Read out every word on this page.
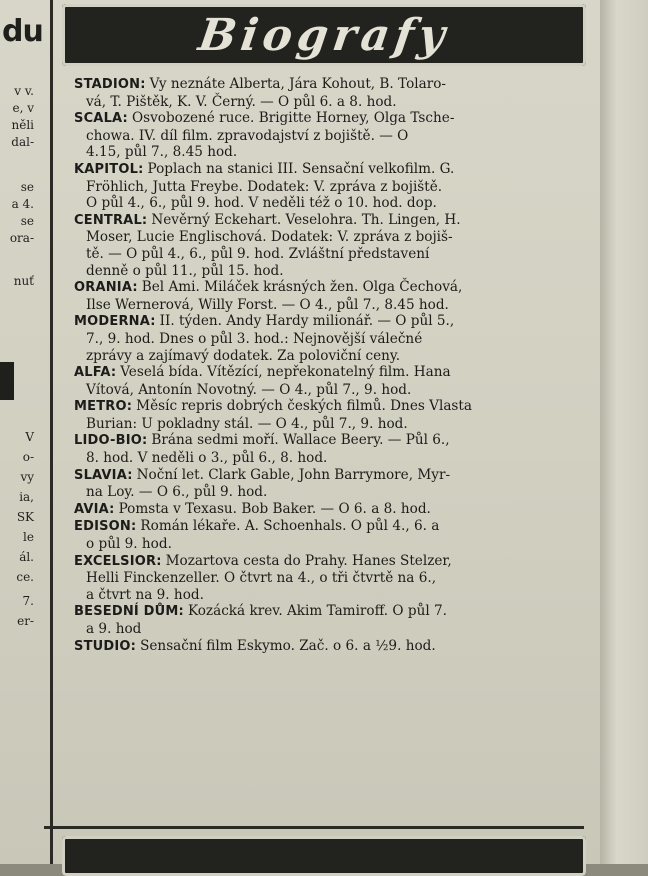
du
v v.
e, v
něli
dal-
se
a 4.
se
ora-
nuť
V
o-
vy
ia,
SK
le
ál.
ce.
7.
er-
Biografy
STADION: Vy neznáte Alberta, Jára Kohout, B. Tolaro-
vá, T. Pištěk, K. V. Černý. — O půl 6. a 8. hod.
SCALA: Osvobozené ruce. Brigitte Horney, Olga Tsche-
chowa. IV. díl film. zpravodajství z bojiště. — O
4.15, půl 7., 8.45 hod.
KAPITOL: Poplach na stanici III. Sensační velkofilm. G.
Fröhlich, Jutta Freybe. Dodatek: V. zpráva z bojiště.
O půl 4., 6., půl 9. hod. V neděli též o 10. hod. dop.
CENTRAL: Nevěrný Eckehart. Veselohra. Th. Lingen, H.
Moser, Lucie Englischová. Dodatek: V. zpráva z bojiš-
tě. — O půl 4., 6., půl 9. hod. Zvláštní představení
denně o půl 11., půl 15. hod.
ORANIA: Bel Ami. Miláček krásných žen. Olga Čechová,
Ilse Wernerová, Willy Forst. — O 4., půl 7., 8.45 hod.
MODERNA: II. týden. Andy Hardy milionář. — O půl 5.,
7., 9. hod. Dnes o půl 3. hod.: Nejnovější válečné
zprávy a zajímavý dodatek. Za poloviční ceny.
ALFA: Veselá bída. Vítězící, nepřekonatelný film. Hana
Vítová, Antonín Novotný. — O 4., půl 7., 9. hod.
METRO: Měsíc repris dobrých českých filmů. Dnes Vlasta
Burian: U pokladny stál. — O 4., půl 7., 9. hod.
LIDO-BIO: Brána sedmi moří. Wallace Beery. — Půl 6.,
8. hod. V neděli o 3., půl 6., 8. hod.
SLAVIA: Noční let. Clark Gable, John Barrymore, Myr-
na Loy. — O 6., půl 9. hod.
AVIA: Pomsta v Texasu. Bob Baker. — O 6. a 8. hod.
EDISON: Román lékaře. A. Schoenhals. O půl 4., 6. a
o půl 9. hod.
EXCELSIOR: Mozartova cesta do Prahy. Hanes Stelzer,
Helli Finckenzeller. O čtvrt na 4., o tři čtvrtě na 6.,
a čtvrt na 9. hod.
BESEDNÍ DŮM: Kozácká krev. Akim Tamiroff. O půl 7.
a 9. hod
STUDIO: Sensační film Eskymo. Zač. o 6. a ½9. hod.
